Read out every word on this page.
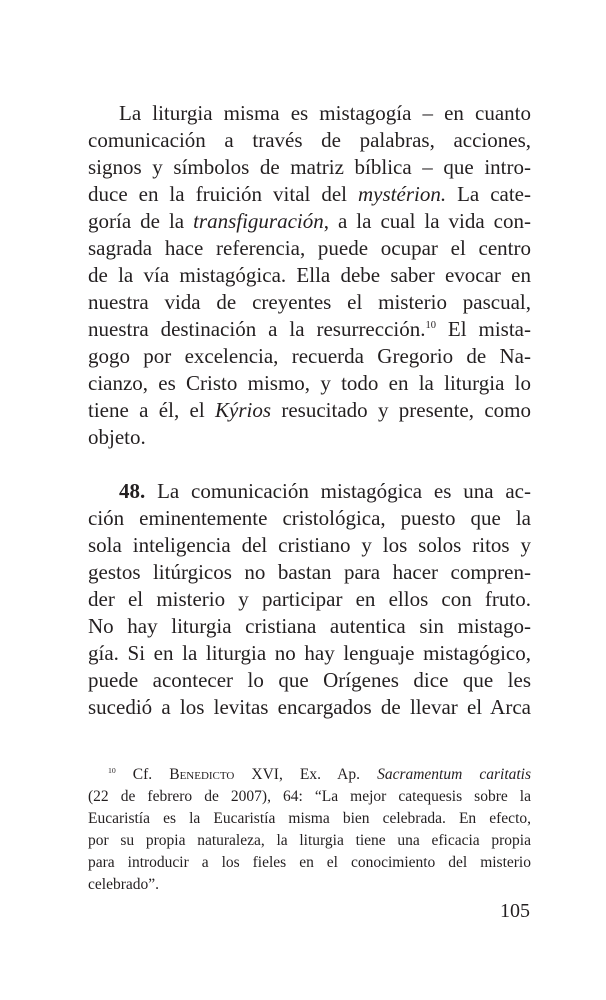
La liturgia misma es mistagogía – en cuanto
comunicación a través de palabras, acciones,
signos y símbolos de matriz bíblica – que intro-
duce en la fruición vital del mystérion. La cate-
goría de la transfiguración, a la cual la vida con-
sagrada hace referencia, puede ocupar el centro
de la vía mistagógica. Ella debe saber evocar en
nuestra vida de creyentes el misterio pascual,
nuestra destinación a la resurrección.$^{10}$ El mista-
gogo por excelencia, recuerda Gregorio de Na-
cianzo, es Cristo mismo, y todo en la liturgia lo
tiene a él, el Kýrios resucitado y presente, como
objeto.
48. La comunicación mistagógica es una ac-
ción eminentemente cristológica, puesto que la
sola inteligencia del cristiano y los solos ritos y
gestos litúrgicos no bastan para hacer compren-
der el misterio y participar en ellos con fruto.
No hay liturgia cristiana autentica sin mistago-
gía. Si en la liturgia no hay lenguaje mistagógico,
puede acontecer lo que Orígenes dice que les
sucedió a los levitas encargados de llevar el Arca
$^{10}$ Cf. Benedicto XVI, Ex. Ap. Sacramentum caritatis
(22 de febrero de 2007), 64: “La mejor catequesis sobre la
Eucaristía es la Eucaristía misma bien celebrada. En efecto,
por su propia naturaleza, la liturgia tiene una eficacia propia
para introducir a los fieles en el conocimiento del misterio
celebrado”.
105
